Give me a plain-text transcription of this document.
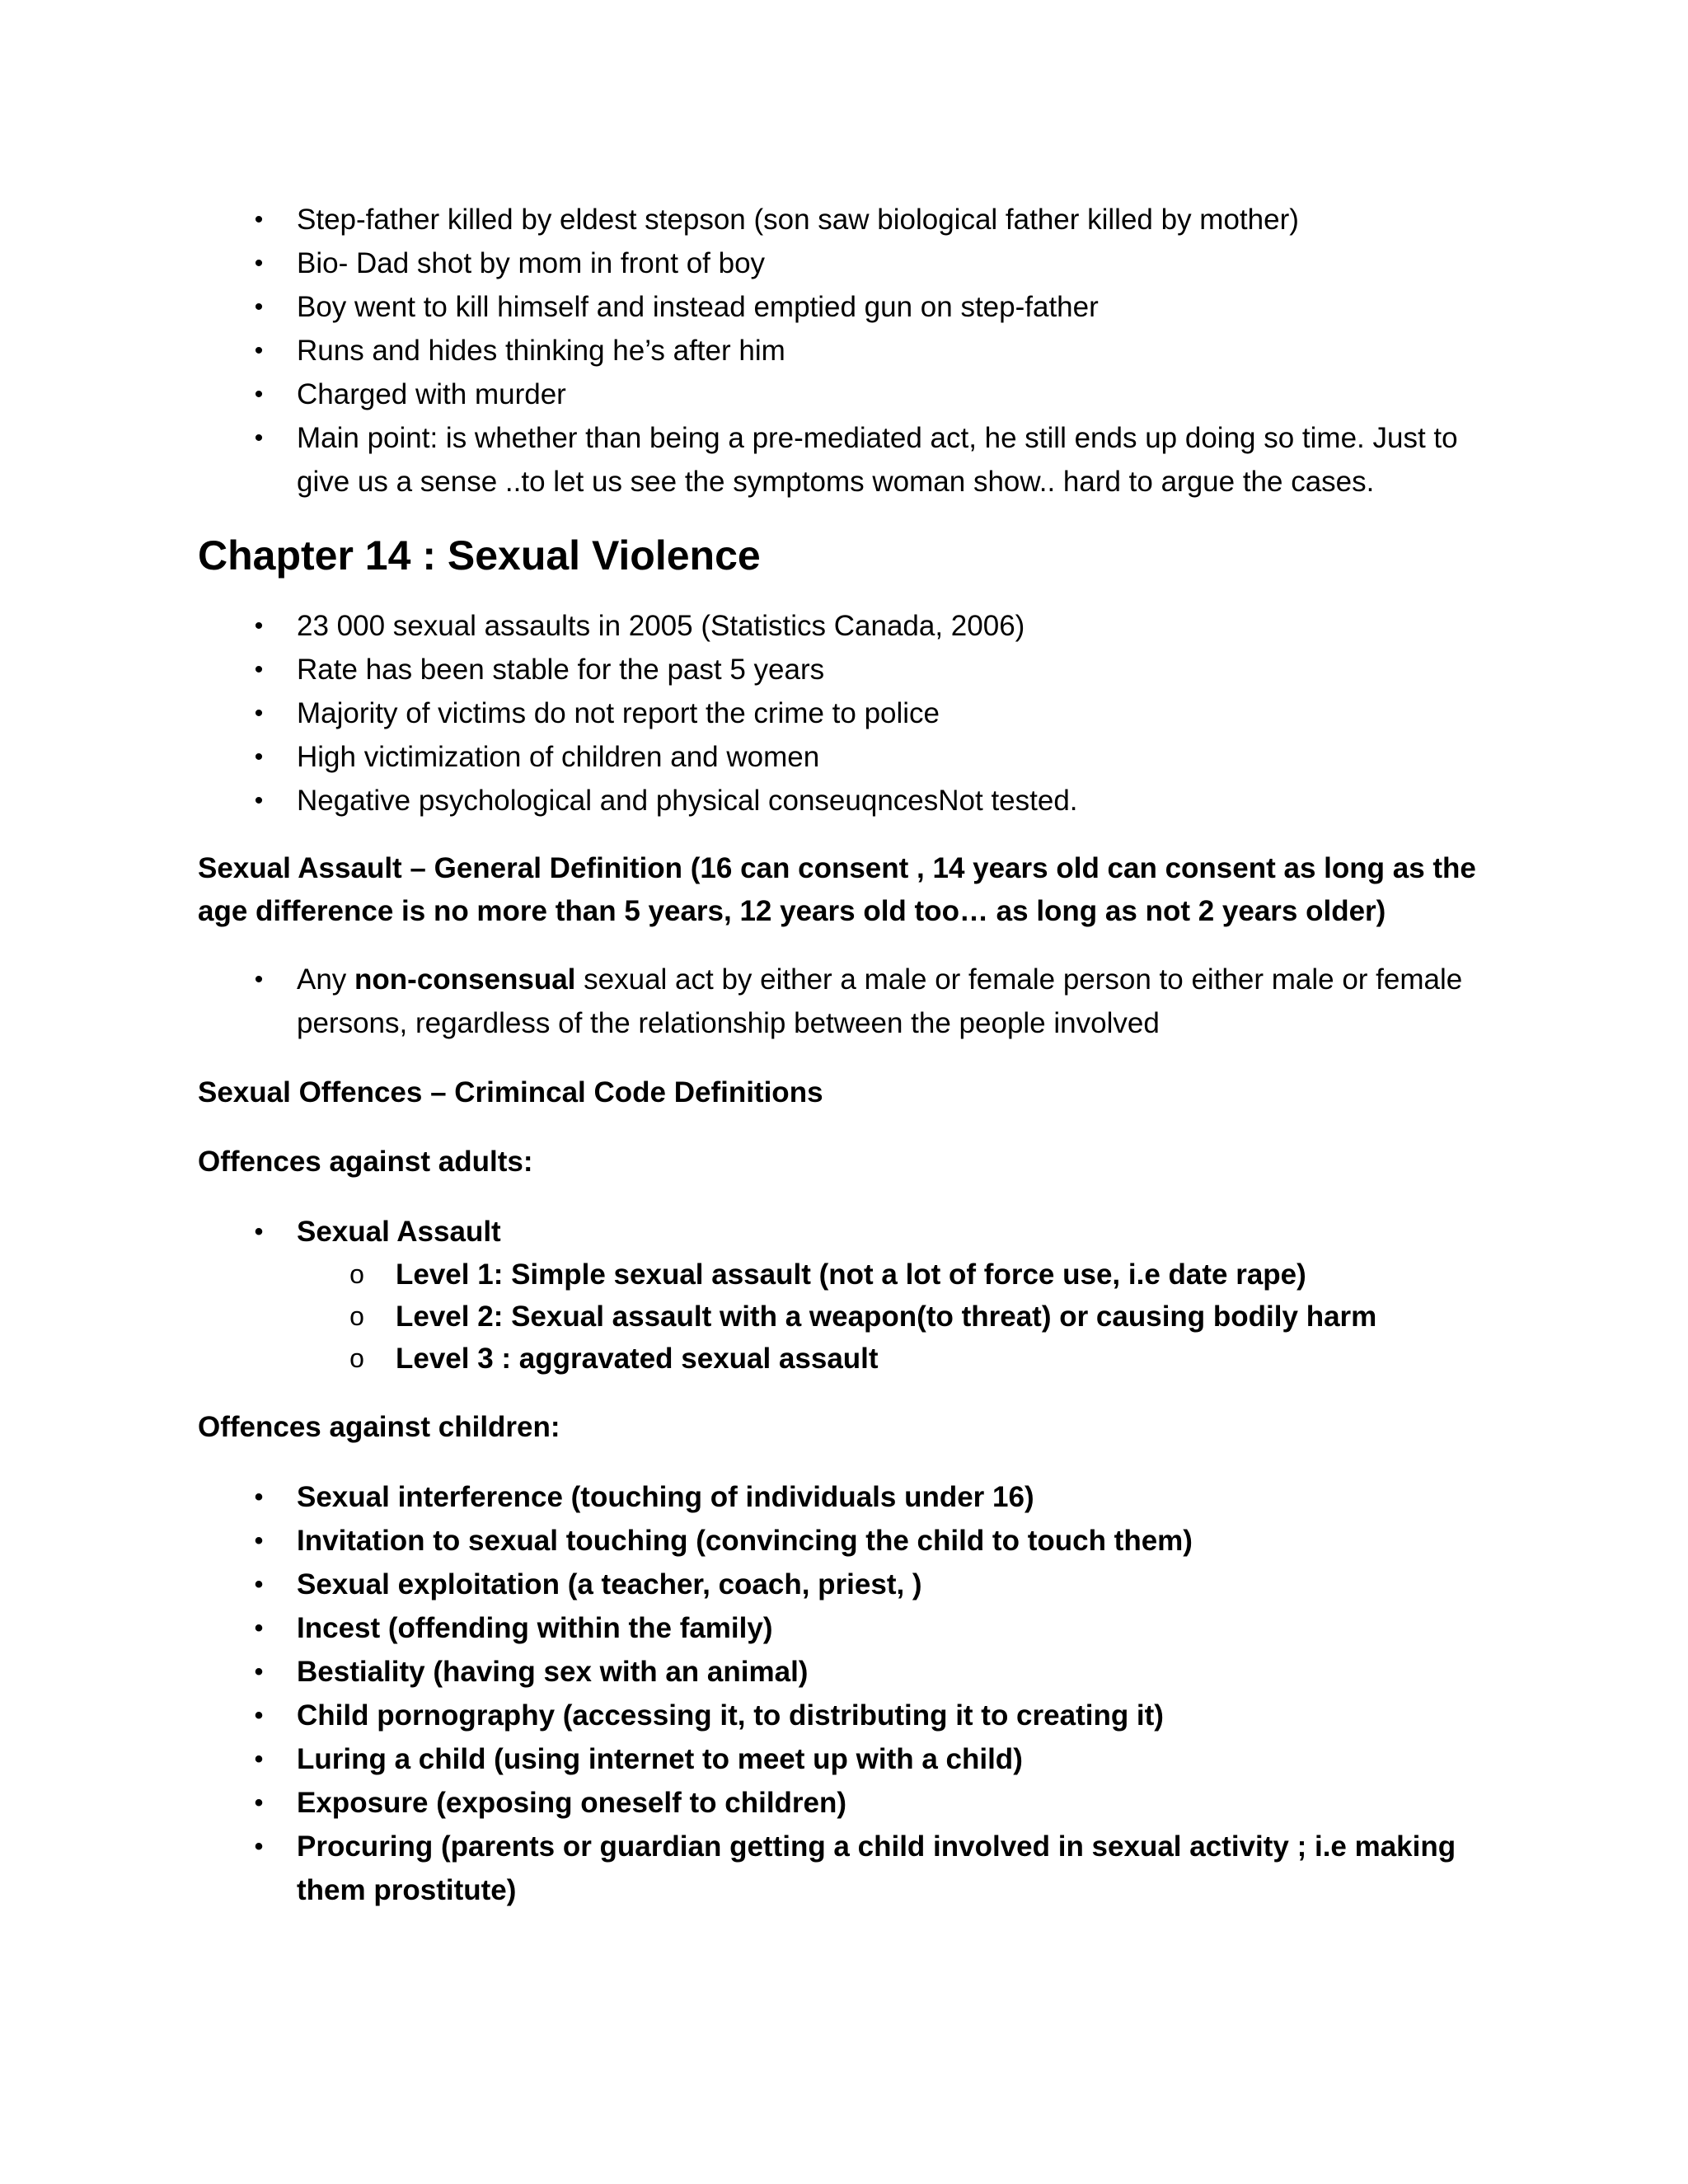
• Step-father killed by eldest stepson (son saw biological father killed by mother)
• Bio- Dad shot by mom in front of boy
• Boy went to kill himself and instead emptied gun on step-father
• Runs and hides thinking he’s after him
• Charged with murder
• Main point: is whether than being a pre-mediated act, he still ends up doing so time. Just to give us a sense ..to let us see the symptoms woman show.. hard to argue the cases.
Chapter 14 : Sexual Violence
• 23 000 sexual assaults in 2005 (Statistics Canada, 2006)
• Rate has been stable for the past 5 years
• Majority of victims do not report the crime to police
• High victimization of children and women
• Negative psychological and physical conseuqncesNot tested.
Sexual Assault – General Definition (16 can consent , 14 years old can consent as long as the age difference is no more than 5 years, 12 years old too… as long as not 2 years older)
• Any non-consensual sexual act by either a male or female person to either male or female persons, regardless of the relationship between the people involved
Sexual Offences – Crimincal Code Definitions
Offences against adults:
• Sexual Assault
o Level 1: Simple sexual assault (not a lot of force use, i.e date rape)
o Level 2: Sexual assault with a weapon(to threat) or causing bodily harm
o Level 3 : aggravated sexual assault
Offences against children:
• Sexual interference (touching of individuals under 16)
• Invitation to sexual touching (convincing the child to touch them)
• Sexual exploitation (a teacher, coach, priest, )
• Incest (offending within the family)
• Bestiality (having sex with an animal)
• Child pornography (accessing it, to distributing it to creating it)
• Luring a child (using internet to meet up with a child)
• Exposure (exposing oneself to children)
• Procuring (parents or guardian getting a child involved in sexual activity ; i.e making them prostitute)
